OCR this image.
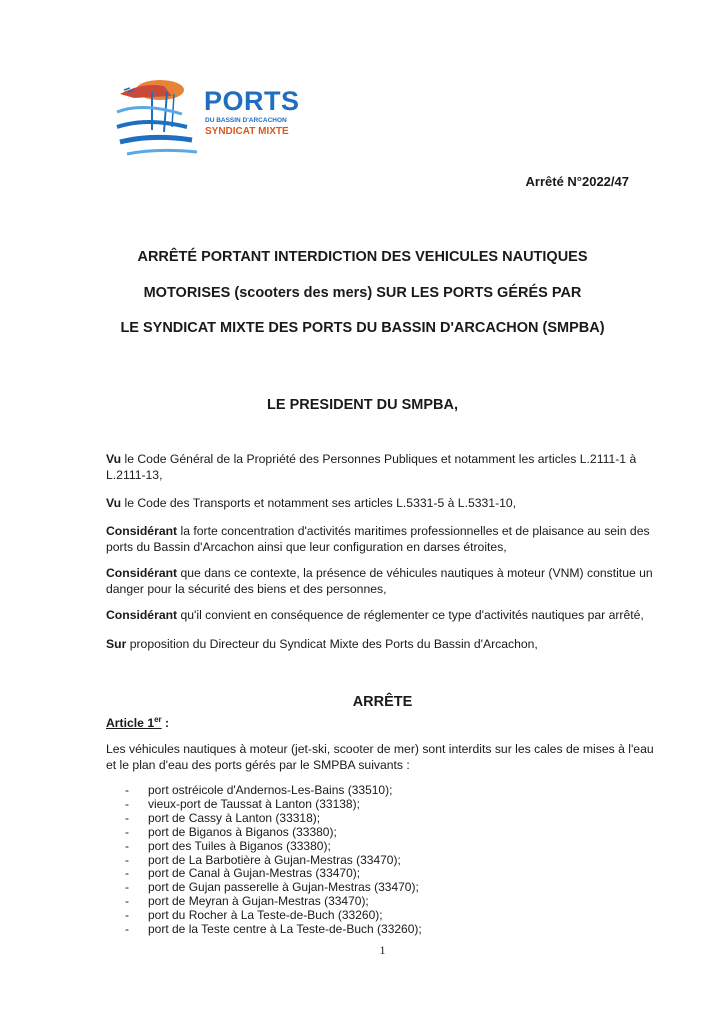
PORTS
DU BASSIN D'ARCACHON
SYNDICAT MIXTE
Arrêté N°2022/47
ARRÊTÉ PORTANT INTERDICTION DES VEHICULES NAUTIQUES
MOTORISES (scooters des mers) SUR LES PORTS GÉRÉS PAR
LE SYNDICAT MIXTE DES PORTS DU BASSIN D'ARCACHON (SMPBA)
LE PRESIDENT DU SMPBA,
Vu le Code Général de la Propriété des Personnes Publiques et notamment les articles L.2111-1 à L.2111-13,
Vu le Code des Transports et notamment ses articles L.5331-5 à L.5331-10,
Considérant la forte concentration d'activités maritimes professionnelles et de plaisance au sein des ports du Bassin d'Arcachon ainsi que leur configuration en darses étroites,
Considérant que dans ce contexte, la présence de véhicules nautiques à moteur (VNM) constitue un danger pour la sécurité des biens et des personnes,
Considérant qu'il convient en conséquence de réglementer ce type d'activités nautiques par arrêté,
Sur proposition du Directeur du Syndicat Mixte des Ports du Bassin d'Arcachon,
ARRÊTE
Article 1er :
Les véhicules nautiques à moteur (jet-ski, scooter de mer) sont interdits sur les cales de mises à l'eau et le plan d'eau des ports gérés par le SMPBA suivants :
- port ostréicole d'Andernos-Les-Bains (33510);
- vieux-port de Taussat à Lanton (33138);
- port de Cassy à Lanton (33318);
- port de Biganos à Biganos (33380);
- port des Tuiles à Biganos (33380);
- port de La Barbotière à Gujan-Mestras (33470);
- port de Canal à Gujan-Mestras (33470);
- port de Gujan passerelle à Gujan-Mestras (33470);
- port de Meyran à Gujan-Mestras (33470);
- port du Rocher à La Teste-de-Buch (33260);
- port de la Teste centre à La Teste-de-Buch (33260);
1
